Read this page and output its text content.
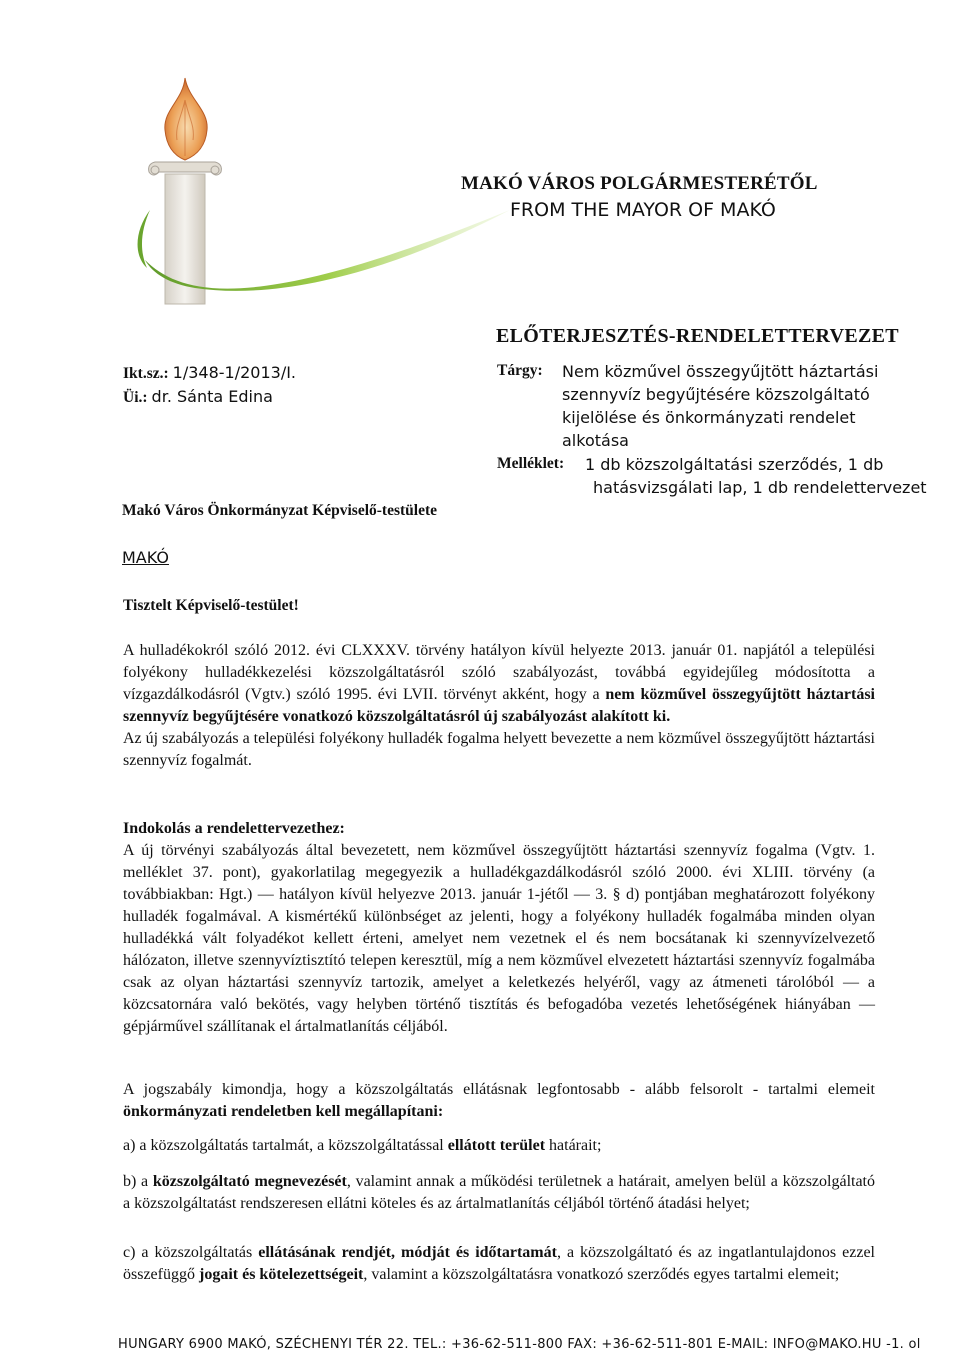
MAKÓ VÁROS POLGÁRMESTERÉTŐL
FROM THE MAYOR OF MAKÓ
ELŐTERJESZTÉS-RENDELETTERVEZET
Ikt.sz.: 1/348-1/2013/I.
Üi.: dr. Sánta Edina
Tárgy: Nem közművel összegyűjtött háztartási
szennyvíz begyűjtésére közszolgáltató
kijelölése és önkormányzati rendelet
alkotása
Melléklet: 1 db közszolgáltatási szerződés, 1 db
hatásvizsgálati lap, 1 db rendelettervezet
Makó Város Önkormányzat Képviselő-testülete
MAKÓ
Tisztelt Képviselő-testület!

A hulladékokról szóló 2012. évi CLXXXV. törvény hatályon kívül helyezte 2013. január 01. napjától a települési folyékony hulladékkezelési közszolgáltatásról szóló szabályozást, továbbá egyidejűleg módosította a vízgazdálkodásról (Vgtv.) szóló 1995. évi LVII. törvényt akként, hogy a nem közművel összegyűjtött háztartási szennyvíz begyűjtésére vonatkozó közszolgáltatásról új szabályozást alakított ki.

Az új szabályozás a települési folyékony hulladék fogalma helyett bevezette a nem közművel összegyűjtött háztartási szennyvíz fogalmát.

Indokolás a rendelettervezethez:

A új törvényi szabályozás által bevezetett, nem közművel összegyűjtött háztartási szennyvíz fogalma (Vgtv. 1. melléklet 37. pont), gyakorlatilag megegyezik a hulladékgazdálkodásról szóló 2000. évi XLIII. törvény (a továbbiakban: Hgt.) — hatályon kívül helyezve 2013. január 1-jétől — 3. § d) pontjában meghatározott folyékony hulladék fogalmával. A kismértékű különbséget az jelenti, hogy a folyékony hulladék fogalmába minden olyan hulladékká vált folyadékot kellett érteni, amelyet nem vezetnek el és nem bocsátanak ki szennyvízelvezető hálózaton, illetve szennyvíztisztító telepen keresztül, míg a nem közművel elvezetett háztartási szennyvíz fogalmába csak az olyan háztartási szennyvíz tartozik, amelyet a keletkezés helyéről, vagy az átmeneti tárolóból — a közcsatornára való bekötés, vagy helyben történő tisztítás és befogadóba vezetés lehetőségének hiányában — gépjárművel szállítanak el ártalmatlanítás céljából.

A jogszabály kimondja, hogy a közszolgáltatás ellátásnak legfontosabb - alább felsorolt - tartalmi elemeit önkormányzati rendeletben kell megállapítani:

a) a közszolgáltatás tartalmát, a közszolgáltatással ellátott terület határait;

b) a közszolgáltató megnevezését, valamint annak a működési területnek a határait, amelyen belül a közszolgáltató a közszolgáltatást rendszeresen ellátni köteles és az ártalmatlanítás céljából történő átadási helyet;

c) a közszolgáltatás ellátásának rendjét, módját és időtartamát, a közszolgáltató és az ingatlantulajdonos ezzel összefüggő jogait és kötelezettségeit, valamint a közszolgáltatásra vonatkozó szerződés egyes tartalmi elemeit;

HUNGARY 6900 MAKÓ, SZÉCHENYI TÉR 22. TEL.: +36-62-511-800 FAX: +36-62-511-801 E-MAIL: INFO@MAKO.HU -1. ol
